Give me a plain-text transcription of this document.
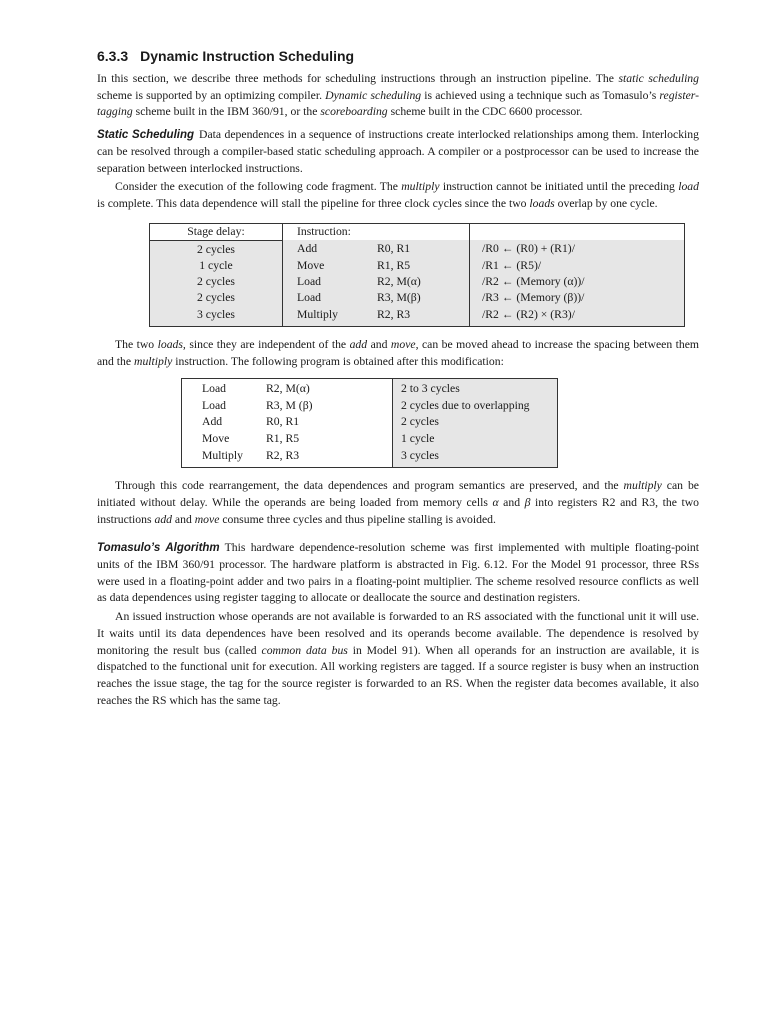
6.3.3 Dynamic Instruction Scheduling

In this section, we describe three methods for scheduling instructions through an instruction pipeline. The static scheduling scheme is supported by an optimizing compiler. Dynamic scheduling is achieved using a technique such as Tomasulo’s register-tagging scheme built in the IBM 360/91, or the scoreboarding scheme built in the CDC 6600 processor.

Static Scheduling Data dependences in a sequence of instructions create interlocked relationships among them. Interlocking can be resolved through a compiler-based static scheduling approach. A compiler or a postprocessor can be used to increase the separation between interlocked instructions.

Consider the execution of the following code fragment. The multiply instruction cannot be initiated until the preceding load is complete. This data dependence will stall the pipeline for three clock cycles since the two loads overlap by one cycle.

Stage delay:	Instruction:		
2 cycles	Add	R0, R1	/R0 ← (R0) + (R1)/
1 cycle	Move	R1, R5	/R1 ← (R5)/
2 cycles	Load	R2, M(α)	/R2 ← (Memory (α))/
2 cycles	Load	R3, M(β)	/R3 ← (Memory (β))/
3 cycles	Multiply	R2, R3	/R2 ← (R2) × (R3)/

The two loads, since they are independent of the add and move, can be moved ahead to increase the spacing between them and the multiply instruction. The following program is obtained after this modification:

Load	R2, M(α)	2 to 3 cycles
Load	R3, M (β)	2 cycles due to overlapping
Add	R0, R1	2 cycles
Move	R1, R5	1 cycle
Multiply	R2, R3	3 cycles

Through this code rearrangement, the data dependences and program semantics are preserved, and the multiply can be initiated without delay. While the operands are being loaded from memory cells α and β into registers R2 and R3, the two instructions add and move consume three cycles and thus pipeline stalling is avoided.

Tomasulo’s Algorithm This hardware dependence-resolution scheme was first implemented with multiple floating-point units of the IBM 360/91 processor. The hardware platform is abstracted in Fig. 6.12. For the Model 91 processor, three RSs were used in a floating-point adder and two pairs in a floating-point multiplier. The scheme resolved resource conflicts as well as data dependences using register tagging to allocate or deallocate the source and destination registers.

An issued instruction whose operands are not available is forwarded to an RS associated with the functional unit it will use. It waits until its data dependences have been resolved and its operands become available. The dependence is resolved by monitoring the result bus (called common data bus in Model 91). When all operands for an instruction are available, it is dispatched to the functional unit for execution. All working registers are tagged. If a source register is busy when an instruction reaches the issue stage, the tag for the source register is forwarded to an RS. When the register data becomes available, it also reaches the RS which has the same tag.
